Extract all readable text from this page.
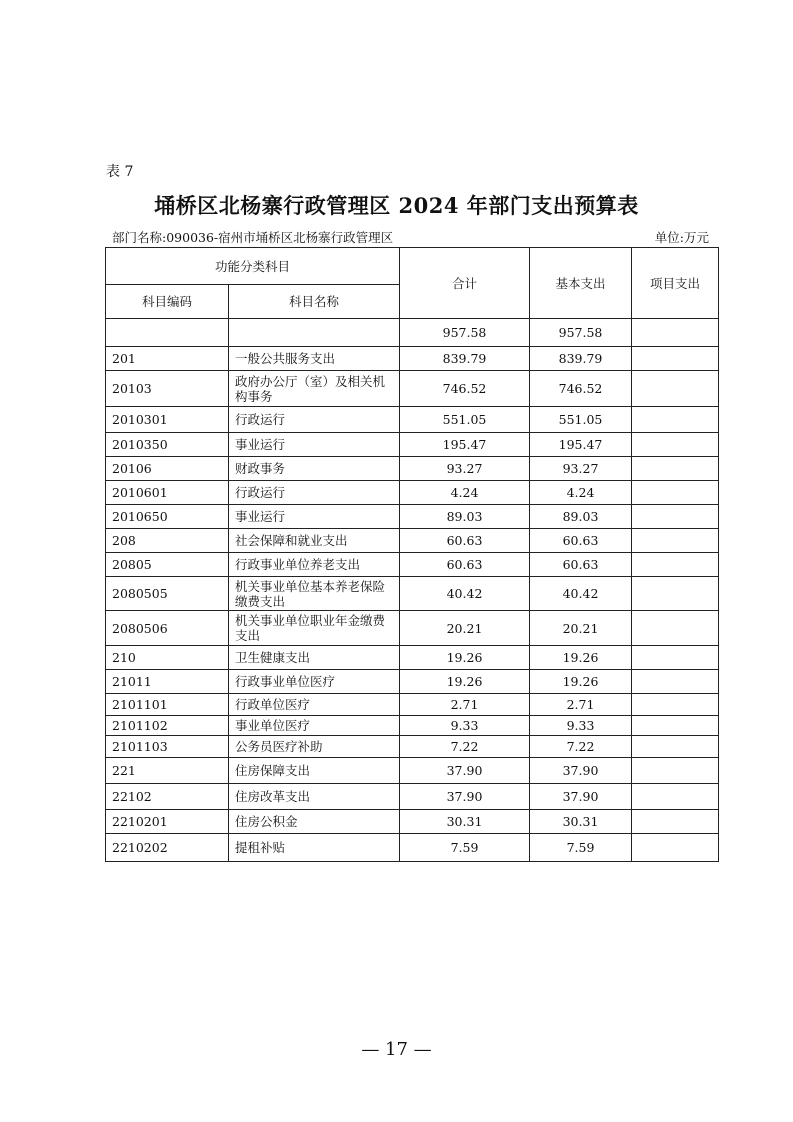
表 7
埇桥区北杨寨行政管理区 2024 年部门支出预算表
部门名称:090036-宿州市埇桥区北杨寨行政管理区	单位:万元
功能分类科目		合计	基本支出	项目支出
科目编码	科目名称			
		957.58	957.58	
201	一般公共服务支出	839.79	839.79	
20103	政府办公厅（室）及相关机构事务	746.52	746.52	
2010301	行政运行	551.05	551.05	
2010350	事业运行	195.47	195.47	
20106	财政事务	93.27	93.27	
2010601	行政运行	4.24	4.24	
2010650	事业运行	89.03	89.03	
208	社会保障和就业支出	60.63	60.63	
20805	行政事业单位养老支出	60.63	60.63	
2080505	机关事业单位基本养老保险缴费支出	40.42	40.42	
2080506	机关事业单位职业年金缴费支出	20.21	20.21	
210	卫生健康支出	19.26	19.26	
21011	行政事业单位医疗	19.26	19.26	
2101101	行政单位医疗	2.71	2.71	
2101102	事业单位医疗	9.33	9.33	
2101103	公务员医疗补助	7.22	7.22	
221	住房保障支出	37.90	37.90	
22102	住房改革支出	37.90	37.90	
2210201	住房公积金	30.31	30.31	
2210202	提租补贴	7.59	7.59	
— 17 —
